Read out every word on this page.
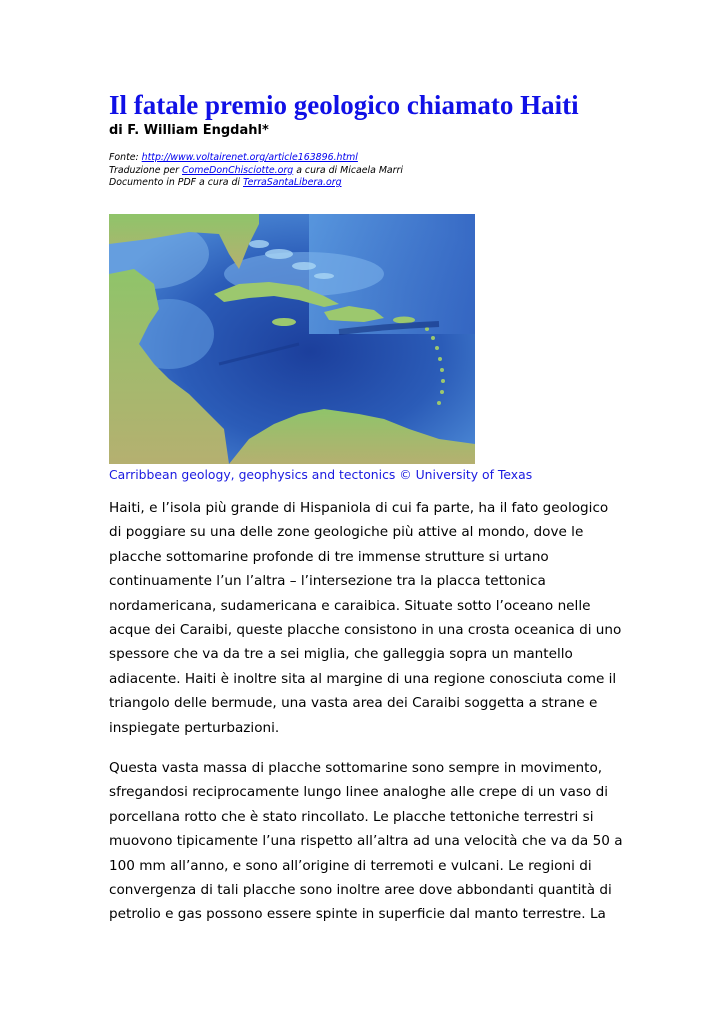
Il fatale premio geologico chiamato Haiti

di F. William Engdahl*

Fonte: http://www.voltairenet.org/article163896.html
Traduzione per ComeDonChisciotte.org a cura di Micaela Marri
Documento in PDF a cura di TerraSantaLibera.org
Carribbean geology, geophysics and tectonics © University of Texas

Haiti, e l’isola più grande di Hispaniola di cui fa parte, ha il fato geologico
di poggiare su una delle zone geologiche più attive al mondo, dove le
placche sottomarine profonde di tre immense strutture si urtano
continuamente l’un l’altra – l’intersezione tra la placca tettonica
nordamericana, sudamericana e caraibica. Situate sotto l’oceano nelle
acque dei Caraibi, queste placche consistono in una crosta oceanica di uno
spessore che va da tre a sei miglia, che galleggia sopra un mantello
adiacente. Haiti è inoltre sita al margine di una regione conosciuta come il
triangolo delle bermude, una vasta area dei Caraibi soggetta a strane e
inspiegate perturbazioni.

Questa vasta massa di placche sottomarine sono sempre in movimento,
sfregandosi reciprocamente lungo linee analoghe alle crepe di un vaso di
porcellana rotto che è stato rincollato. Le placche tettoniche terrestri si
muovono tipicamente l’una rispetto all’altra ad una velocità che va da 50 a
100 mm all’anno, e sono all’origine di terremoti e vulcani. Le regioni di
convergenza di tali placche sono inoltre aree dove abbondanti quantità di
petrolio e gas possono essere spinte in superficie dal manto terrestre. La
